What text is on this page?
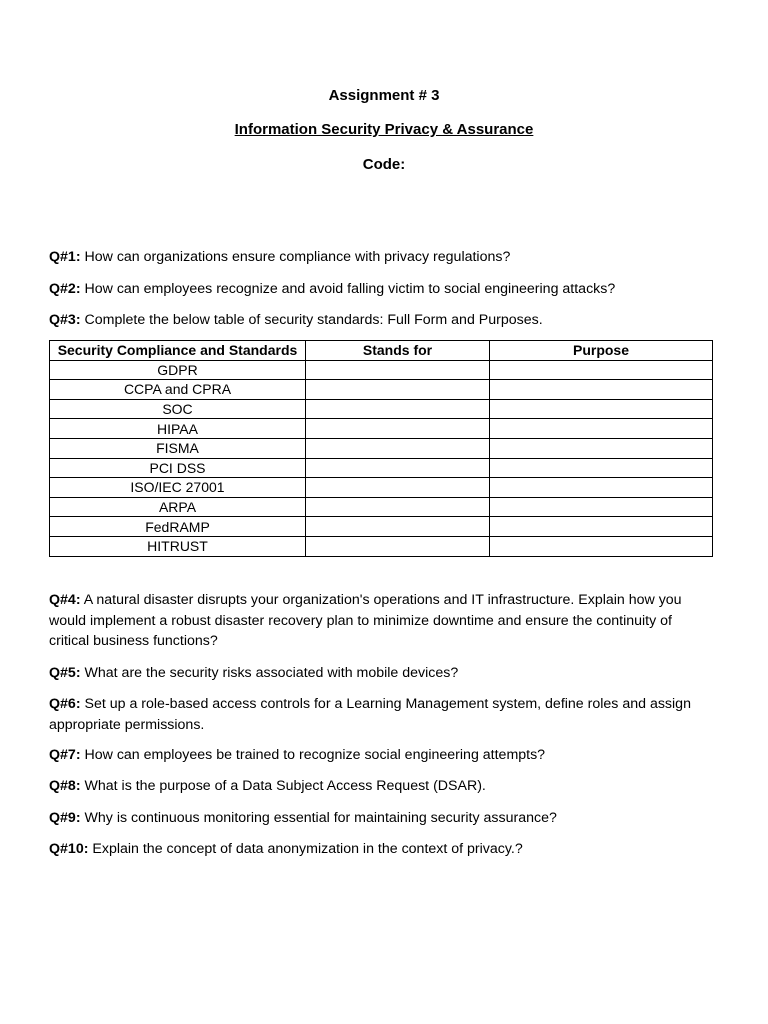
Assignment # 3
Information Security Privacy & Assurance
Code:
Q#1: How can organizations ensure compliance with privacy regulations?
Q#2: How can employees recognize and avoid falling victim to social engineering attacks?
Q#3: Complete the below table of security standards: Full Form and Purposes.
Security Compliance and Standards	Stands for	Purpose
GDPR		
CCPA and CPRA		
SOC		
HIPAA		
FISMA		
PCI DSS		
ISO/IEC 27001		
ARPA		
FedRAMP		
HITRUST		
Q#4: A natural disaster disrupts your organization's operations and IT infrastructure. Explain how you would implement a robust disaster recovery plan to minimize downtime and ensure the continuity of critical business functions?
Q#5: What are the security risks associated with mobile devices?
Q#6: Set up a role-based access controls for a Learning Management system, define roles and assign appropriate permissions.
Q#7: How can employees be trained to recognize social engineering attempts?
Q#8: What is the purpose of a Data Subject Access Request (DSAR).
Q#9: Why is continuous monitoring essential for maintaining security assurance?
Q#10: Explain the concept of data anonymization in the context of privacy.?
